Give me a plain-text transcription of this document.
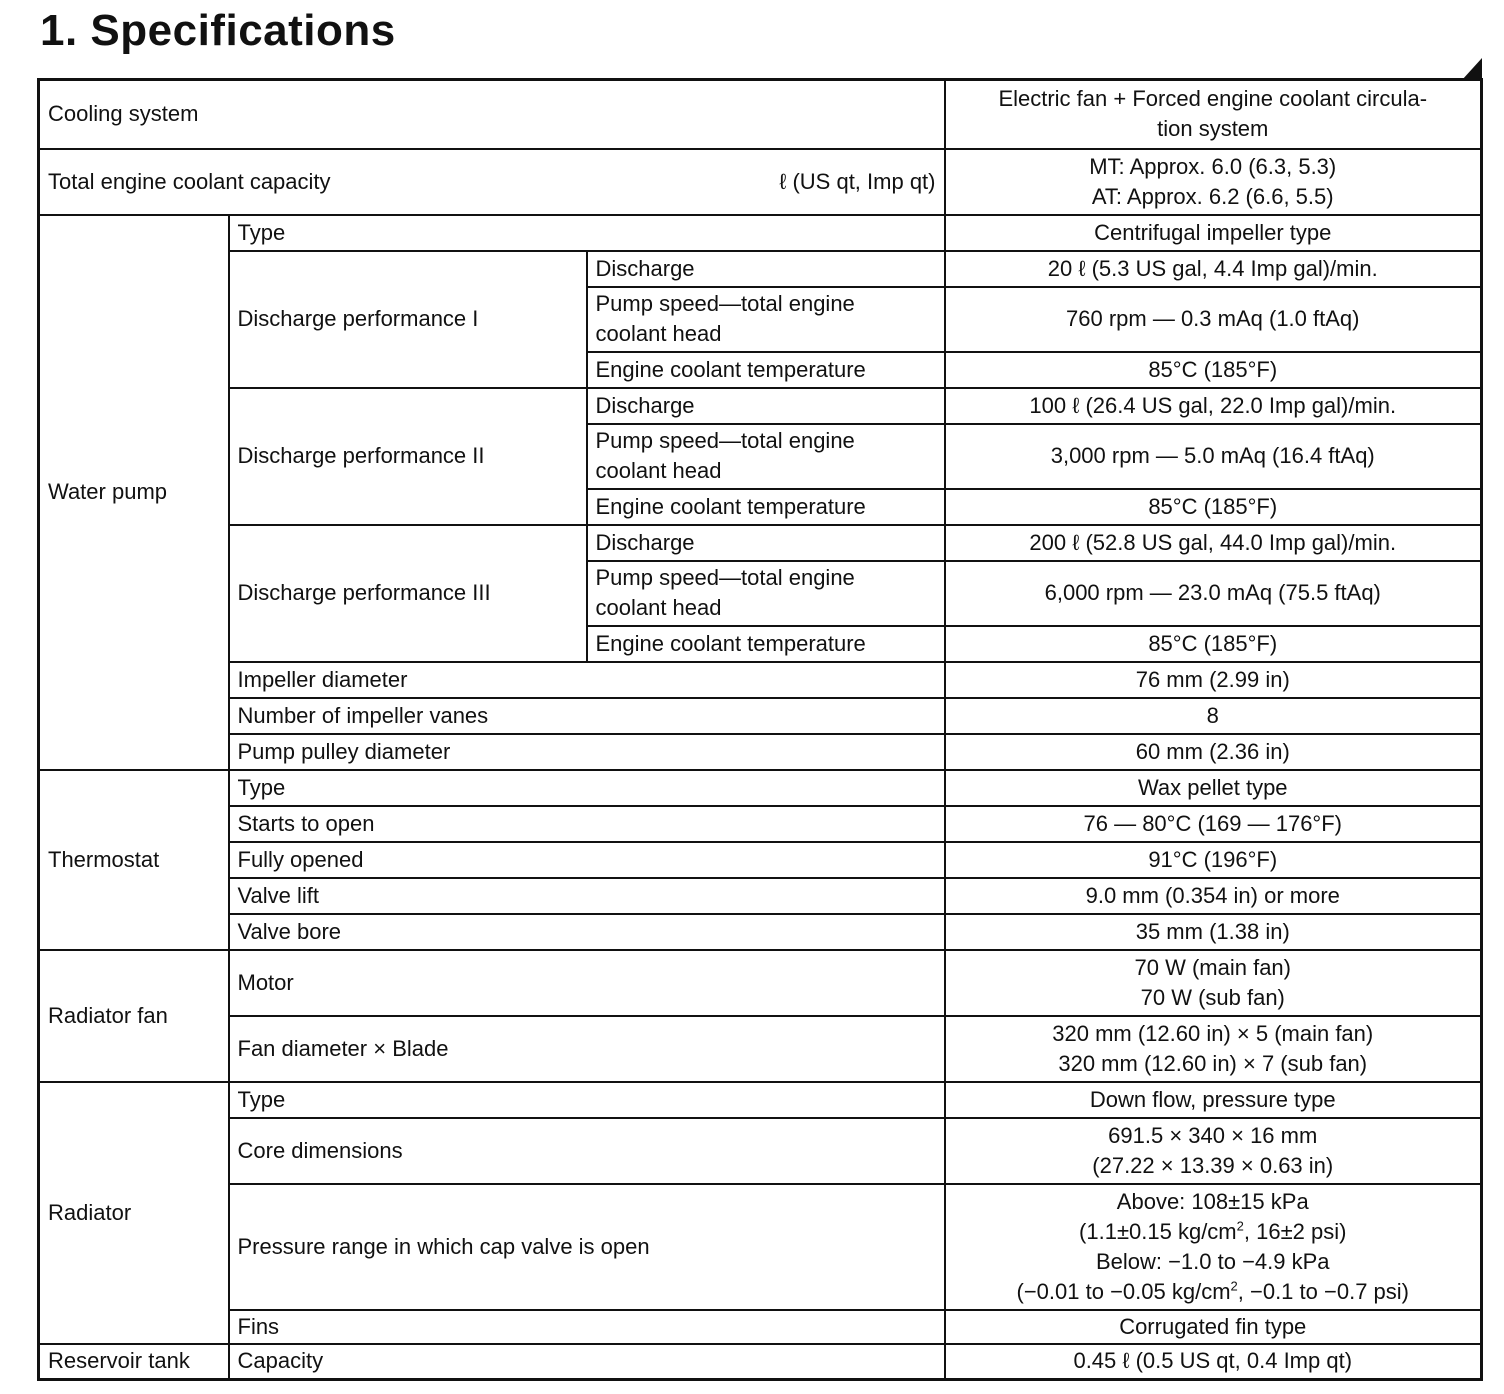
1. Specifications
Cooling system			Electric fan + Forced engine coolant circula-
tion system
Total engine coolant capacity ℓ (US qt, Imp qt)			MT: Approx. 6.0 (6.3, 5.3)
AT: Approx. 6.2 (6.6, 5.5)
Water pump	Type		Centrifugal impeller type
	Discharge performance I	Discharge	20 ℓ (5.3 US gal, 4.4 Imp gal)/min.
		Pump speed—total engine
coolant head	760 rpm — 0.3 mAq (1.0 ftAq)
		Engine coolant temperature	85°C (185°F)
	Discharge performance II	Discharge	100 ℓ (26.4 US gal, 22.0 Imp gal)/min.
		Pump speed—total engine
coolant head	3,000 rpm — 5.0 mAq (16.4 ftAq)
		Engine coolant temperature	85°C (185°F)
	Discharge performance III	Discharge	200 ℓ (52.8 US gal, 44.0 Imp gal)/min.
		Pump speed—total engine
coolant head	6,000 rpm — 23.0 mAq (75.5 ftAq)
		Engine coolant temperature	85°C (185°F)
	Impeller diameter		76 mm (2.99 in)
	Number of impeller vanes		8
	Pump pulley diameter		60 mm (2.36 in)
Thermostat	Type		Wax pellet type
	Starts to open		76 — 80°C (169 — 176°F)
	Fully opened		91°C (196°F)
	Valve lift		9.0 mm (0.354 in) or more
	Valve bore		35 mm (1.38 in)
Radiator fan	Motor		70 W (main fan)
70 W (sub fan)
	Fan diameter × Blade		320 mm (12.60 in) × 5 (main fan)
320 mm (12.60 in) × 7 (sub fan)
Radiator	Type		Down flow, pressure type
	Core dimensions		691.5 × 340 × 16 mm
(27.22 × 13.39 × 0.63 in)
	Pressure range in which cap valve is open		Above: 108±15 kPa
(1.1±0.15 $kg/cm^2$, 16±2 psi)
Below: −1.0 to −4.9 kPa
(−0.01 to −0.05 $kg/cm^2$, −0.1 to −0.7 psi)
	Fins		Corrugated fin type
Reservoir tank	Capacity		0.45 ℓ (0.5 US qt, 0.4 Imp qt)
